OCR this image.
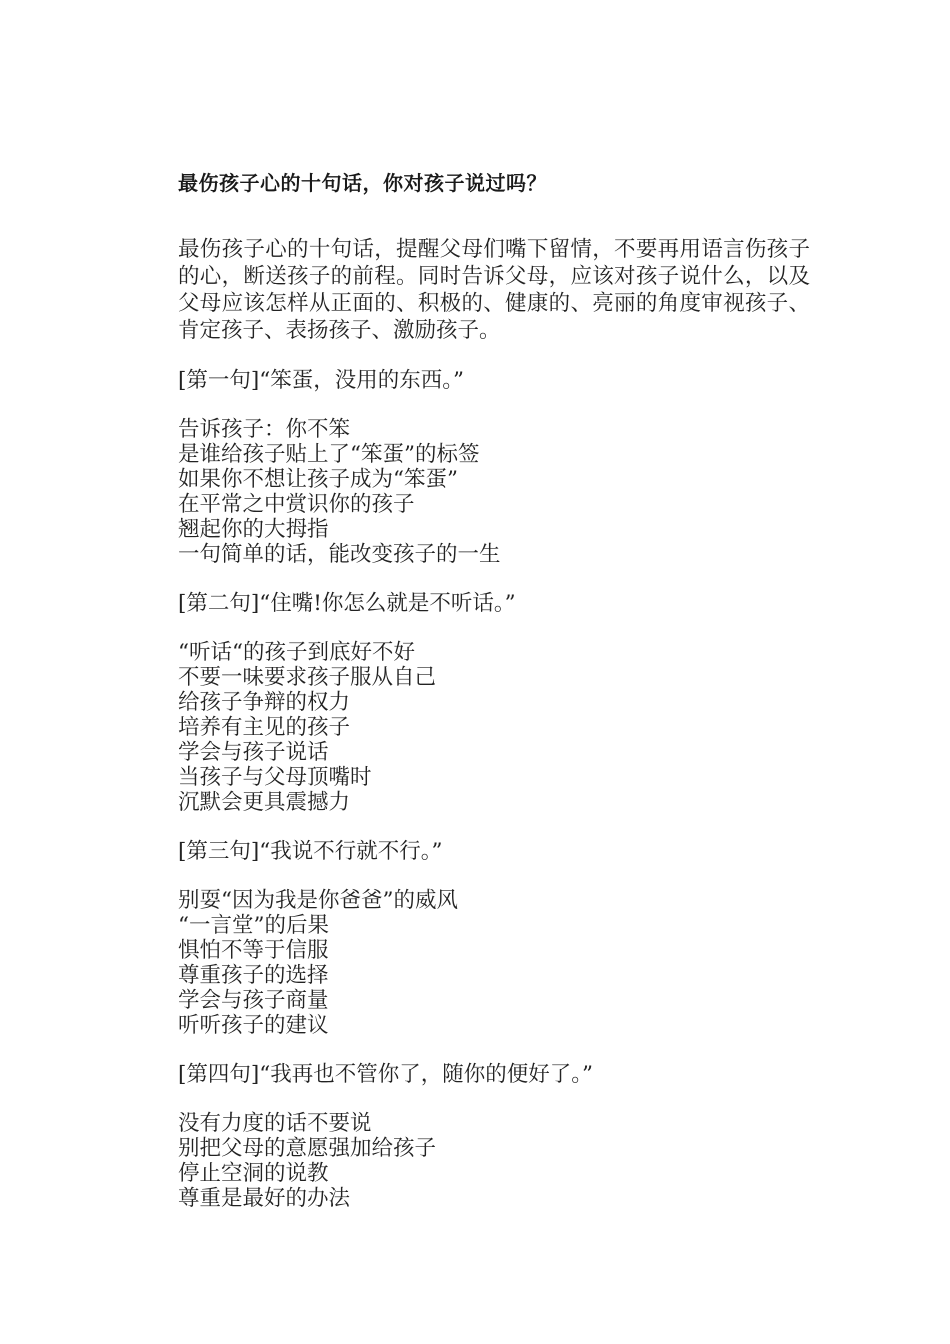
最伤孩子心的十句话，你对孩子说过吗？

最伤孩子心的十句话，提醒父母们嘴下留情，不要再用语言伤孩子的心，断送孩子的前程。同时告诉父母，应该对孩子说什么，以及父母应该怎样从正面的、积极的、健康的、亮丽的角度审视孩子、肯定孩子、表扬孩子、激励孩子。

[第一句]“笨蛋，没用的东西。”

告诉孩子：你不笨
是谁给孩子贴上了“笨蛋”的标签
如果你不想让孩子成为“笨蛋”
在平常之中赏识你的孩子
翘起你的大拇指
一句简单的话，能改变孩子的一生

[第二句]“住嘴!你怎么就是不听话。”

“听话“的孩子到底好不好
不要一味要求孩子服从自己
给孩子争辩的权力
培养有主见的孩子
学会与孩子说话
当孩子与父母顶嘴时
沉默会更具震撼力

[第三句]“我说不行就不行。”

别耍“因为我是你爸爸”的威风
“一言堂”的后果
惧怕不等于信服
尊重孩子的选择
学会与孩子商量
听听孩子的建议

[第四句]“我再也不管你了，随你的便好了。”

没有力度的话不要说
别把父母的意愿强加给孩子
停止空洞的说教
尊重是最好的办法
